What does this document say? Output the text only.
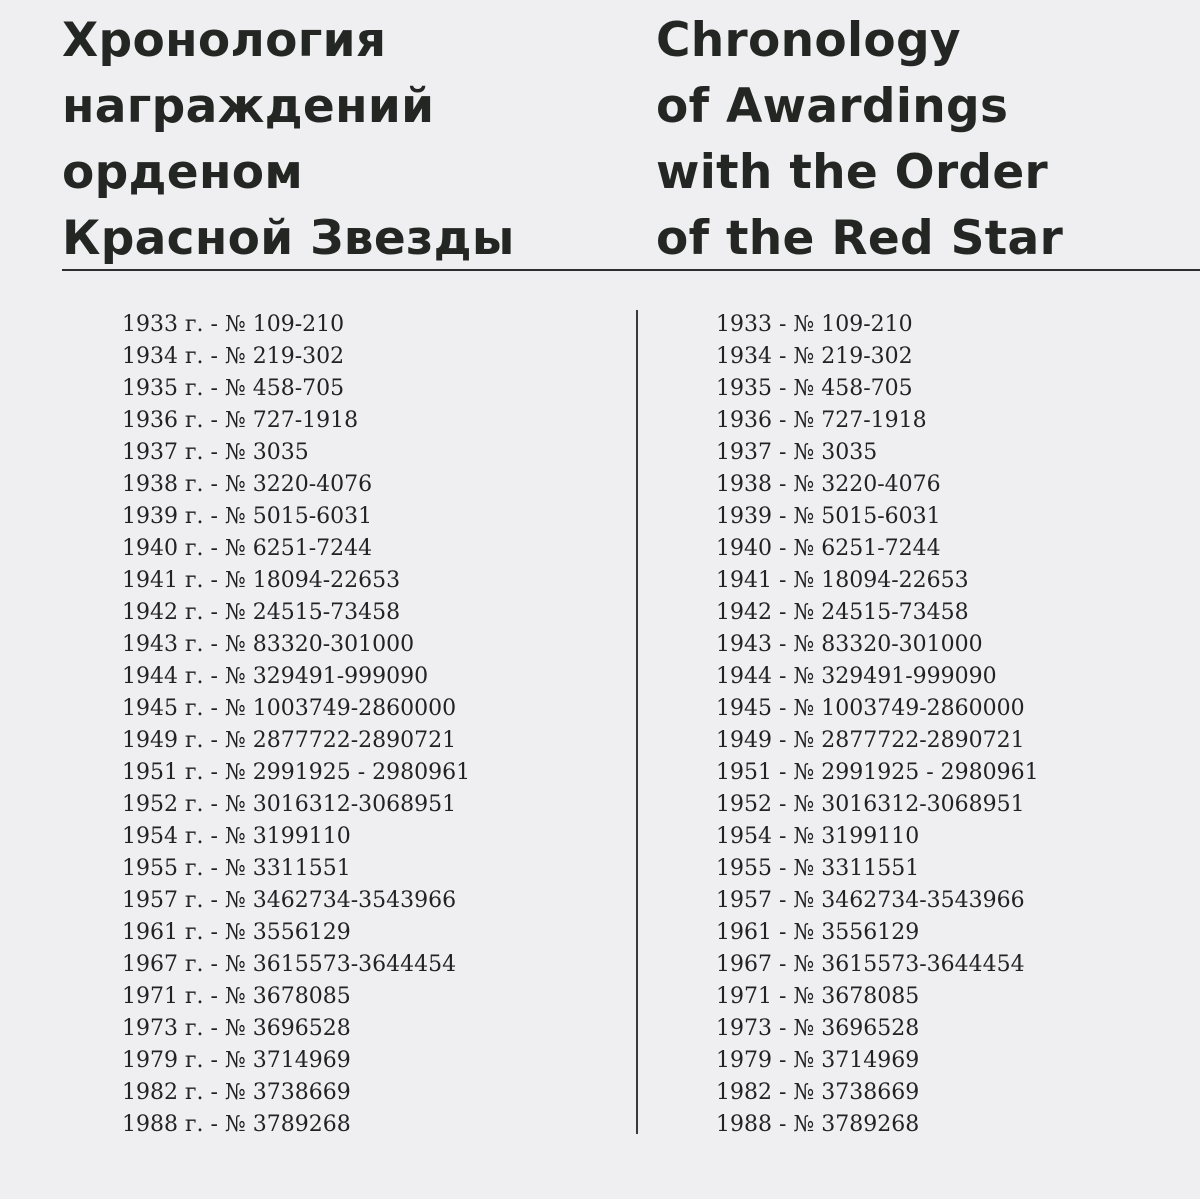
Хронология
награждений
орденом
Красной Звезды
Chronology
of Awardings
with the Order
of the Red Star
1933 г. - № 109-210
1934 г. - № 219-302
1935 г. - № 458-705
1936 г. - № 727-1918
1937 г. - № 3035
1938 г. - № 3220-4076
1939 г. - № 5015-6031
1940 г. - № 6251-7244
1941 г. - № 18094-22653
1942 г. - № 24515-73458
1943 г. - № 83320-301000
1944 г. - № 329491-999090
1945 г. - № 1003749-2860000
1949 г. - № 2877722-2890721
1951 г. - № 2991925 - 2980961
1952 г. - № 3016312-3068951
1954 г. - № 3199110
1955 г. - № 3311551
1957 г. - № 3462734-3543966
1961 г. - № 3556129
1967 г. - № 3615573-3644454
1971 г. - № 3678085
1973 г. - № 3696528
1979 г. - № 3714969
1982 г. - № 3738669
1988 г. - № 3789268
1933 - № 109-210
1934 - № 219-302
1935 - № 458-705
1936 - № 727-1918
1937 - № 3035
1938 - № 3220-4076
1939 - № 5015-6031
1940 - № 6251-7244
1941 - № 18094-22653
1942 - № 24515-73458
1943 - № 83320-301000
1944 - № 329491-999090
1945 - № 1003749-2860000
1949 - № 2877722-2890721
1951 - № 2991925 - 2980961
1952 - № 3016312-3068951
1954 - № 3199110
1955 - № 3311551
1957 - № 3462734-3543966
1961 - № 3556129
1967 - № 3615573-3644454
1971 - № 3678085
1973 - № 3696528
1979 - № 3714969
1982 - № 3738669
1988 - № 3789268
